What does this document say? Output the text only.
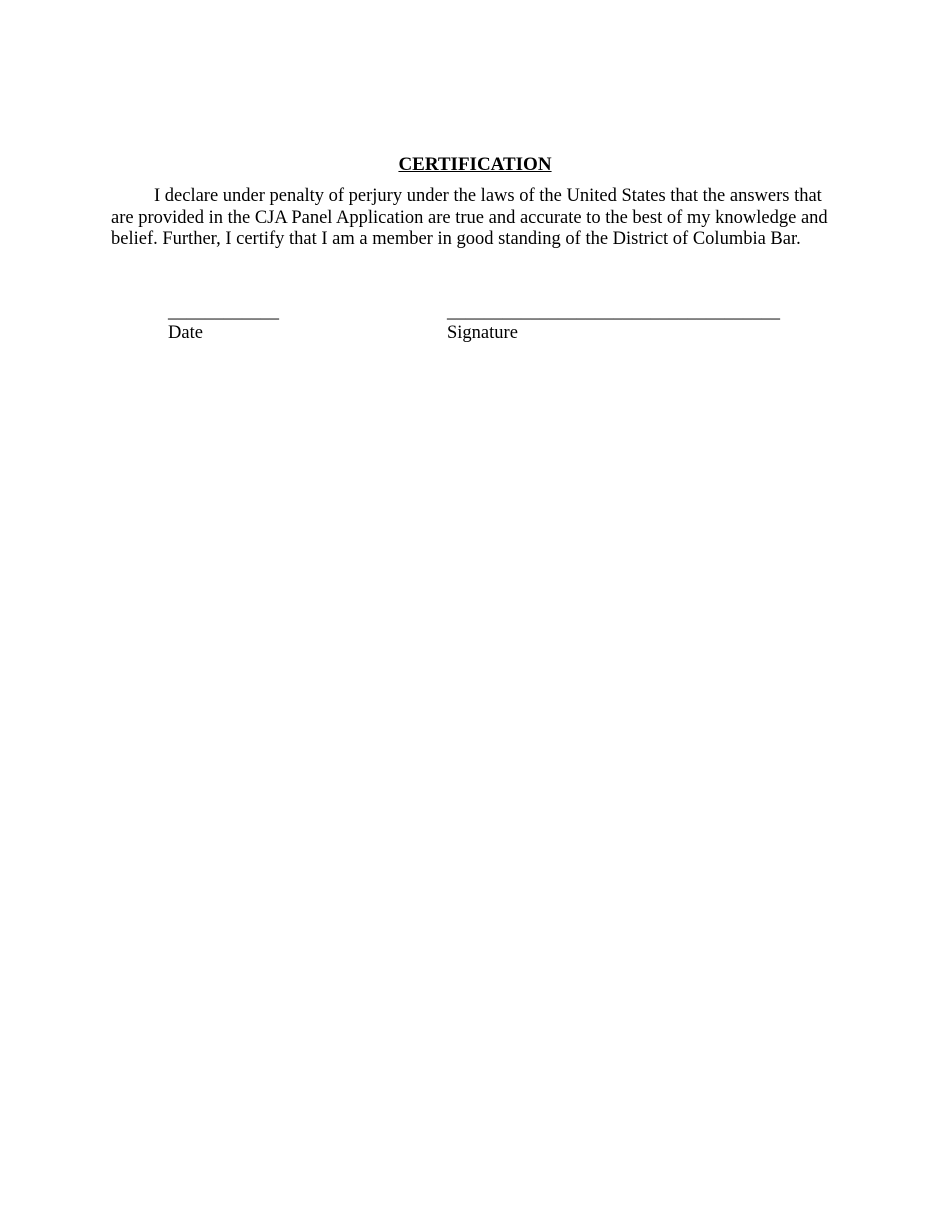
CERTIFICATION

I declare under penalty of perjury under the laws of the United States that the answers that are provided in the CJA Panel Application are true and accurate to the best of my knowledge and belief. Further, I certify that I am a member in good standing of the District of Columbia Bar.

____________
Date
____________________________________
Signature
